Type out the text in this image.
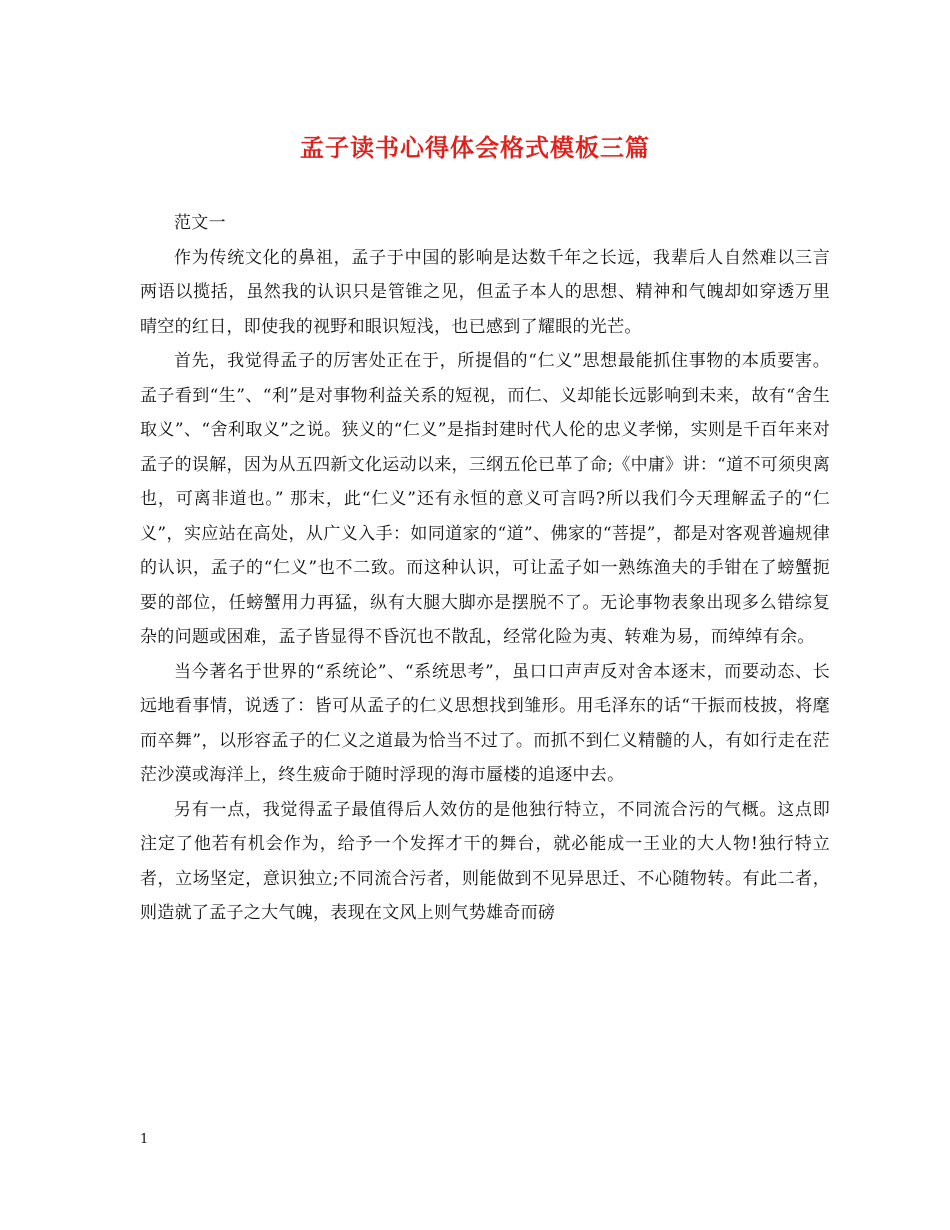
孟子读书心得体会格式模板三篇

范文一

作为传统文化的鼻祖，孟子于中国的影响是达数千年之长远，我辈后人自然难以三言两语以揽括，虽然我的认识只是管锥之见，但孟子本人的思想、精神和气魄却如穿透万里晴空的红日，即使我的视野和眼识短浅，也已感到了耀眼的光芒。

首先，我觉得孟子的厉害处正在于，所提倡的“仁义”思想最能抓住事物的本质要害。孟子看到“生”、“利”是对事物利益关系的短视，而仁、义却能长远影响到未来，故有“舍生取义”、“舍利取义”之说。狭义的“仁义”是指封建时代人伦的忠义孝悌，实则是千百年来对孟子的误解，因为从五四新文化运动以来，三纲五伦已革了命;《中庸》讲：“道不可须臾离也，可离非道也。” 那末，此“仁义”还有永恒的意义可言吗?所以我们今天理解孟子的“仁义”，实应站在高处，从广义入手：如同道家的“道”、佛家的“菩提”，都是对客观普遍规律的认识，孟子的“仁义”也不二致。而这种认识，可让孟子如一熟练渔夫的手钳在了螃蟹扼要的部位，任螃蟹用力再猛，纵有大腿大脚亦是摆脱不了。无论事物表象出现多么错综复杂的问题或困难，孟子皆显得不昏沉也不散乱，经常化险为夷、转难为易，而绰绰有余。

当今著名于世界的“系统论”、“系统思考”，虽口口声声反对舍本逐末，而要动态、长远地看事情，说透了：皆可从孟子的仁义思想找到雏形。用毛泽东的话“干振而枝披，将麾而卒舞”，以形容孟子的仁义之道最为恰当不过了。而抓不到仁义精髓的人，有如行走在茫茫沙漠或海洋上，终生疲命于随时浮现的海市蜃楼的追逐中去。

另有一点，我觉得孟子最值得后人效仿的是他独行特立，不同流合污的气概。这点即注定了他若有机会作为，给予一个发挥才干的舞台，就必能成一王业的大人物!独行特立者，立场坚定，意识独立;不同流合污者，则能做到不见异思迁、不心随物转。有此二者，则造就了孟子之大气魄，表现在文风上则气势雄奇而磅

1
